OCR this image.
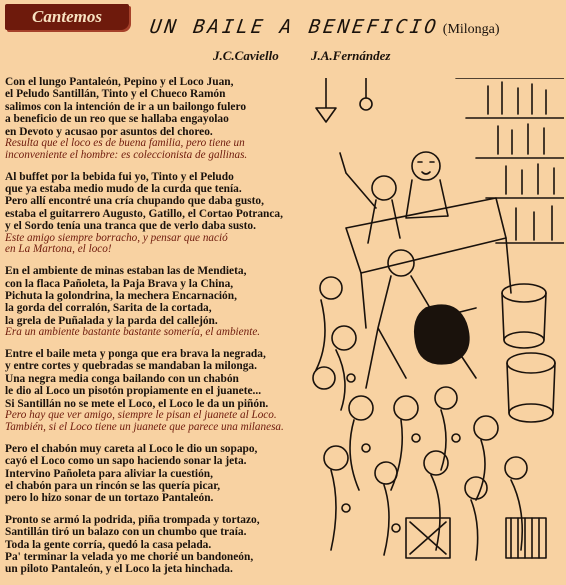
Cantemos	UN BAILE A BENEFICIO (Milonga)
J.C.Caviello J.A.Fernández
Con el lungo Pantaleón, Pepino y el Loco Juan,
el Peludo Santillán, Tinto y el Chueco Ramón
salimos con la intención de ir a un bailongo fulero
a beneficio de un reo que se hallaba engayolao
en Devoto y acusao por asuntos del choreo.
Resulta que el loco es de buena familia, pero tiene un
inconveniente el hombre: es coleccionista de gallinas.
Al buffet por la bebida fui yo, Tinto y el Peludo
que ya estaba medio mudo de la curda que tenía.
Pero allí encontré una cría chupando que daba gusto,
estaba el guitarrero Augusto, Gatillo, el Cortao Potranca,
y el Sordo tenía una tranca que de verlo daba susto.
Este amigo siempre borracho, y pensar que nació
en La Martona, el loco!
En el ambiente de minas estaban las de Mendieta,
con la flaca Pañoleta, la Paja Brava y la China,
Pichuta la golondrina, la mechera Encarnación,
la gorda del corralón, Sarita de la cortada,
la grela de Puñalada y la parda del callejón.
Era un ambiente bastante bastante somería, el ambiente.
Entre el baile meta y ponga que era brava la negrada,
y entre cortes y quebradas se mandaban la milonga.
Una negra media conga bailando con un chabón
le dio al Loco un pisotón propiamente en el juanete...
Si Santillán no se mete el Loco, el Loco le da un piñón.
Pero hay que ver amigo, siempre le pisan el juanete al Loco.
También, si el Loco tiene un juanete que parece una milanesa.
Pero el chabón muy careta al Loco le dio un sopapo,
cayó el Loco como un sapo haciendo sonar la jeta.
Intervino Pañoleta para aliviar la cuestión,
el chabón para un rincón se las quería picar,
pero lo hizo sonar de un tortazo Pantaleón.
Pronto se armó la podrida, piña trompada y tortazo,
Santillán tiró un balazo con un chumbo que traía.
Toda la gente corría, quedó la casa pelada.
Pa' terminar la velada yo me chorié un bandoneón,
un piloto Pantaleón, y el Loco la jeta hinchada.
